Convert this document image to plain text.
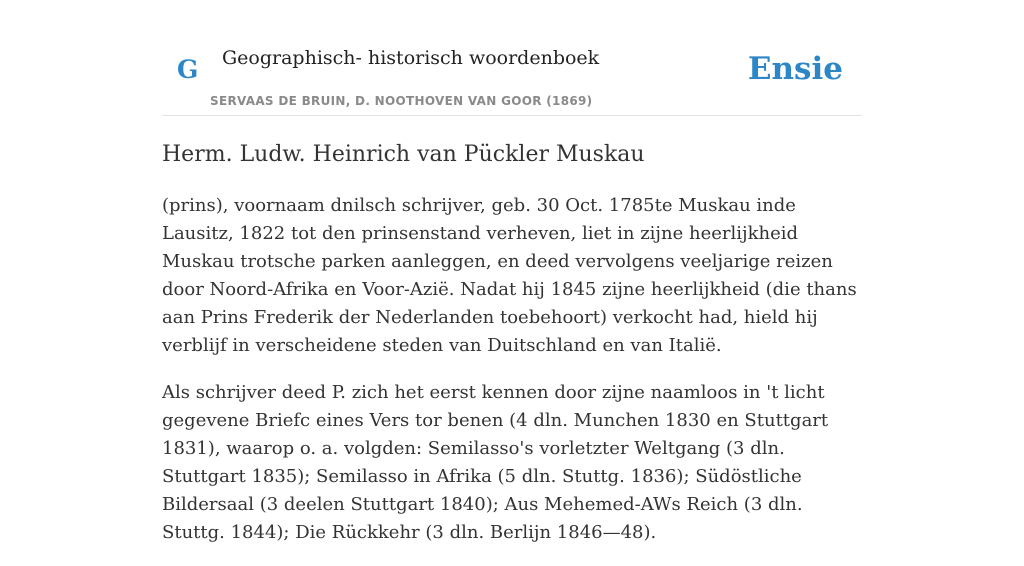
G Geographisch- historisch woordenboek
SERVAAS DE BRUIN, D. NOOTHOVEN VAN GOOR (1869)
Ensie
Herm. Ludw. Heinrich van Pückler Muskau

(prins), voornaam dnilsch schrijver, geb. 30 Oct. 1785te Muskau inde Lausitz, 1822 tot den prinsenstand verheven, liet in zijne heerlijkheid Muskau trotsche parken aanleggen, en deed vervolgens veeljarige reizen door Noord-Afrika en Voor-Azië. Nadat hij 1845 zijne heerlijkheid (die thans aan Prins Frederik der Nederlanden toebehoort) verkocht had, hield hij verblijf in verscheidene steden van Duitschland en van Italië.

Als schrijver deed P. zich het eerst kennen door zijne naamloos in 't licht gegevene Briefc eines Vers tor benen (4 dln. Munchen 1830 en Stuttgart 1831), waarop o. a. volgden: Semilasso's vorletzter Weltgang (3 dln. Stuttgart 1835); Semilasso in Afrika (5 dln. Stuttg. 1836); Südöstliche Bildersaal (3 deelen Stuttgart 1840); Aus Mehemed-AWs Reich (3 dln. Stuttg. 1844); Die Rückkehr (3 dln. Berlijn 1846—48).
